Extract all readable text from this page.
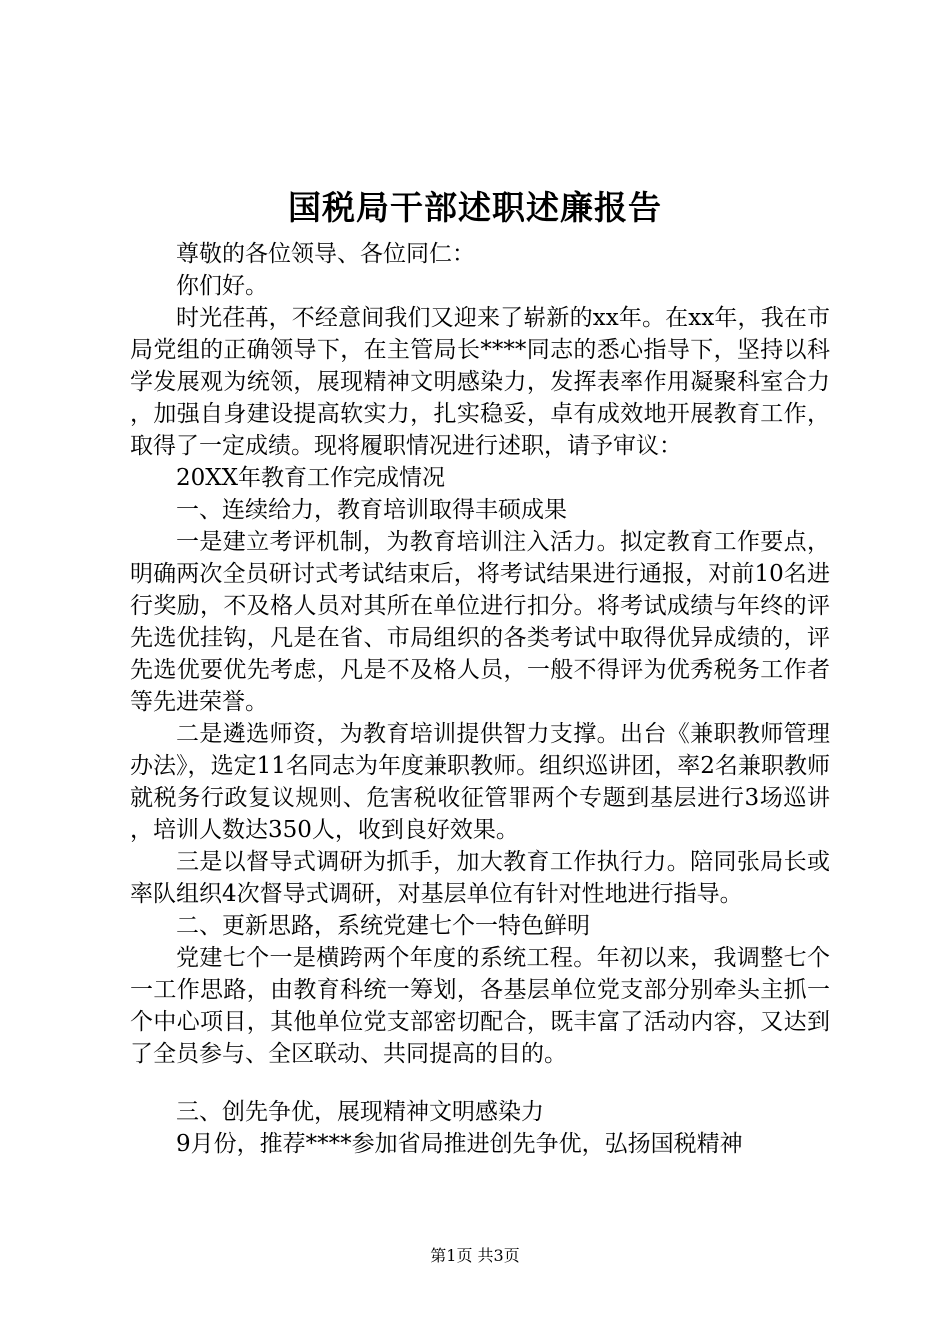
国税局干部述职述廉报告

尊敬的各位领导、各位同仁：

你们好。

时光荏苒，不经意间我们又迎来了崭新的xx年。在xx年，我在市局党组的正确领导下，在主管局长****同志的悉心指导下，坚持以科学发展观为统领，展现精神文明感染力，发挥表率作用凝聚科室合力，加强自身建设提高软实力，扎实稳妥，卓有成效地开展教育工作，取得了一定成绩。现将履职情况进行述职，请予审议：

20XX年教育工作完成情况

一、连续给力，教育培训取得丰硕成果

一是建立考评机制，为教育培训注入活力。拟定教育工作要点，明确两次全员研讨式考试结束后，将考试结果进行通报，对前10名进行奖励，不及格人员对其所在单位进行扣分。将考试成绩与年终的评先选优挂钩，凡是在省、市局组织的各类考试中取得优异成绩的，评先选优要优先考虑，凡是不及格人员，一般不得评为优秀税务工作者等先进荣誉。

二是遴选师资，为教育培训提供智力支撑。出台《兼职教师管理办法》，选定11名同志为年度兼职教师。组织巡讲团，率2名兼职教师就税务行政复议规则、危害税收征管罪两个专题到基层进行3场巡讲，培训人数达350人，收到良好效果。

三是以督导式调研为抓手，加大教育工作执行力。陪同张局长或率队组织4次督导式调研，对基层单位有针对性地进行指导。

二、更新思路，系统党建七个一特色鲜明

党建七个一是横跨两个年度的系统工程。年初以来，我调整七个一工作思路，由教育科统一筹划，各基层单位党支部分别牵头主抓一个中心项目，其他单位党支部密切配合，既丰富了活动内容，又达到了全员参与、全区联动、共同提高的目的。

三、创先争优，展现精神文明感染力

9月份，推荐****参加省局推进创先争优，弘扬国税精神

第1页 共3页
